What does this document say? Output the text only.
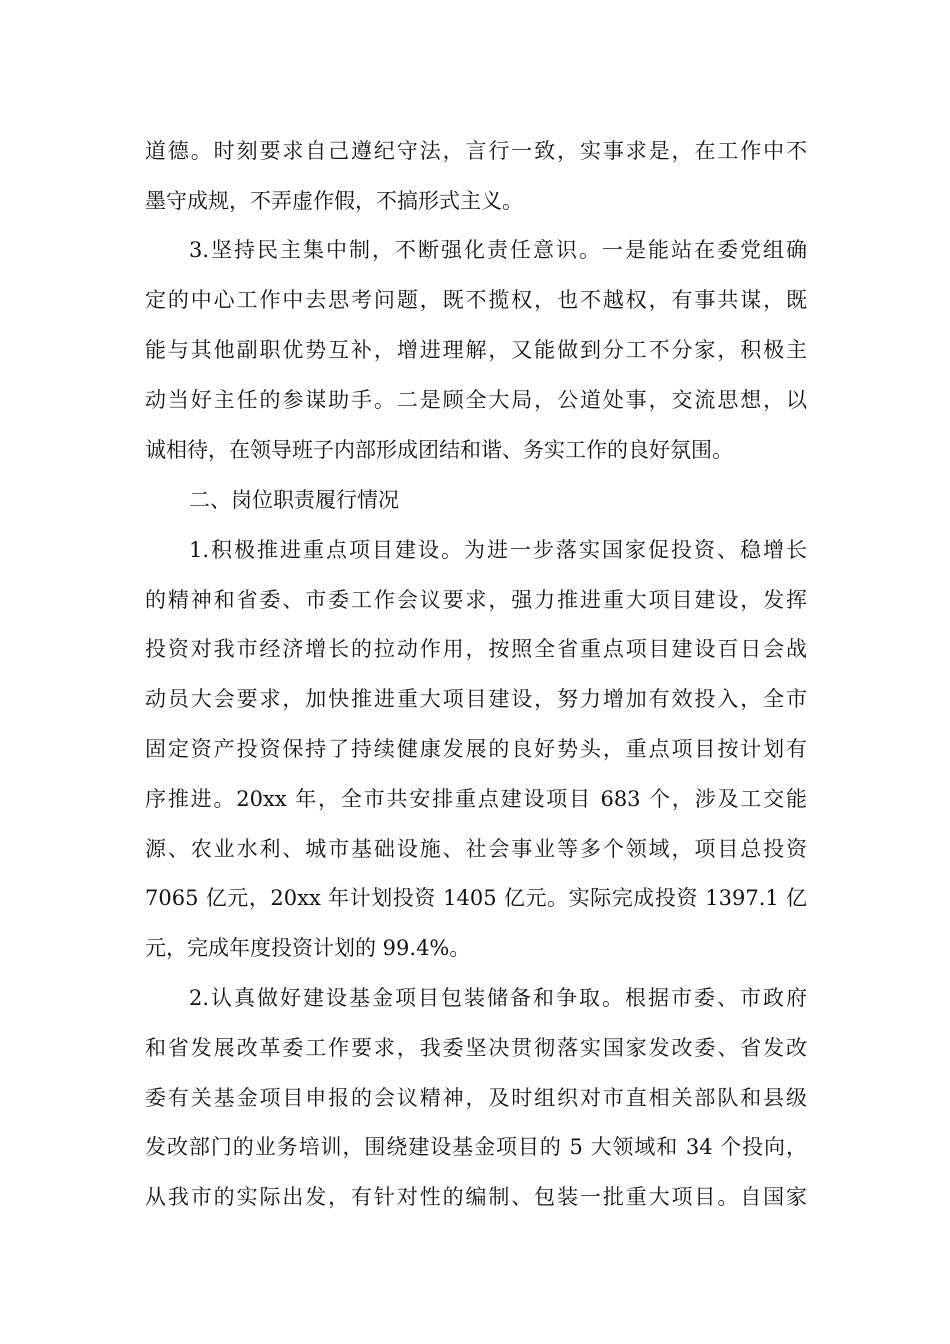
道德。时刻要求自己遵纪守法，言行一致，实事求是，在工作中不
墨守成规，不弄虚作假，不搞形式主义。
3.坚持民主集中制，不断强化责任意识。一是能站在委党组确
定的中心工作中去思考问题，既不揽权，也不越权，有事共谋，既
能与其他副职优势互补，增进理解，又能做到分工不分家，积极主
动当好主任的参谋助手。二是顾全大局，公道处事，交流思想，以
诚相待，在领导班子内部形成团结和谐、务实工作的良好氛围。
二、岗位职责履行情况
1.积极推进重点项目建设。为进一步落实国家促投资、稳增长
的精神和省委、市委工作会议要求，强力推进重大项目建设，发挥
投资对我市经济增长的拉动作用，按照全省重点项目建设百日会战
动员大会要求，加快推进重大项目建设，努力增加有效投入，全市
固定资产投资保持了持续健康发展的良好势头，重点项目按计划有
序推进。20xx 年，全市共安排重点建设项目 683 个，涉及工交能
源、农业水利、城市基础设施、社会事业等多个领域，项目总投资
7065 亿元，20xx 年计划投资 1405 亿元。实际完成投资 1397.1 亿
元，完成年度投资计划的 99.4%。
2.认真做好建设基金项目包装储备和争取。根据市委、市政府
和省发展改革委工作要求，我委坚决贯彻落实国家发改委、省发改
委有关基金项目申报的会议精神，及时组织对市直相关部队和县级
发改部门的业务培训，围绕建设基金项目的 5 大领域和 34 个投向，
从我市的实际出发，有针对性的编制、包装一批重大项目。自国家
